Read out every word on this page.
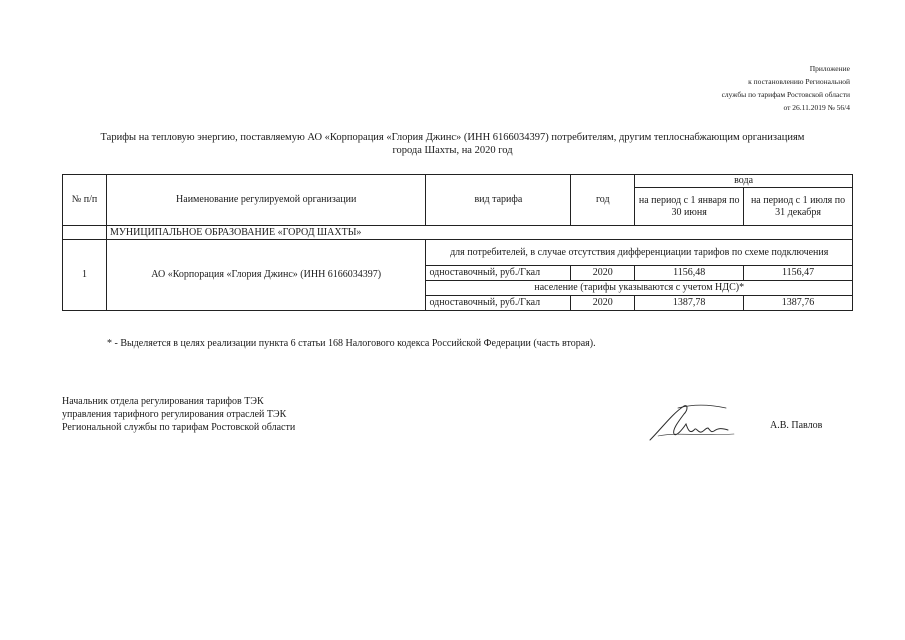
Приложение
к постановлению Региональной
службы по тарифам Ростовской области
от 26.11.2019 № 56/4
Тарифы на тепловую энергию, поставляемую АО «Корпорация «Глория Джинс» (ИНН 6166034397) потребителям, другим теплоснабжающим организациям
города Шахты, на 2020 год
№ п/п	Наименование регулируемой организации	вид тарифа	год	вода	
				на период с 1 января по 30 июня	на период с 1 июля по 31 декабря
	МУНИЦИПАЛЬНОЕ ОБРАЗОВАНИЕ «ГОРОД ШАХТЫ»				
1	АО «Корпорация «Глория Джинс» (ИНН 6166034397)	для потребителей, в случае отсутствия дифференциации тарифов по схеме подключения			
		одноставочный, руб./Гкал	2020	1156,48	1156,47
		население (тарифы указываются с учетом НДС)*			
		одноставочный, руб./Гкал	2020	1387,78	1387,76
* - Выделяется в целях реализации пункта 6 статьи 168 Налогового кодекса Российской Федерации (часть вторая).
Начальник отдела регулирования тарифов ТЭК
управления тарифного регулирования отраслей ТЭК
Региональной службы по тарифам Ростовской области	А.В. Павлов
